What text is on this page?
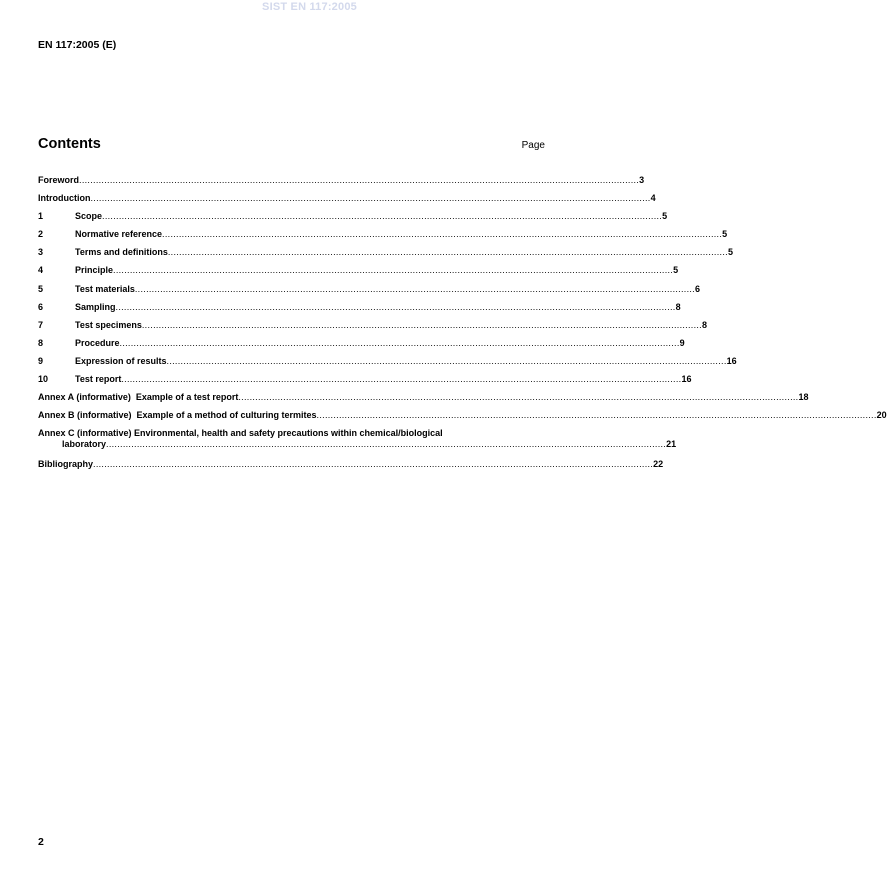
SIST EN 117:2005
EN 117:2005 (E)
Contents	Page
Foreword .....	3
Introduction .....	4
1	Scope .....	5
2	Normative reference .....	5
3	Terms and definitions .....	5
4	Principle .....	5
5	Test materials .....	6
6	Sampling .....	8
7	Test specimens .....	8
8	Procedure .....	9
9	Expression of results .....	16
10	Test report .....	16
Annex A (informative)  Example of a test report .....	18
Annex B (informative)  Example of a method of culturing termites .....	20
Annex C (informative) Environmental, health and safety precautions within chemical/biological
laboratory ........................................................................................................................................................................................................ 21
Bibliography .....	22
2
